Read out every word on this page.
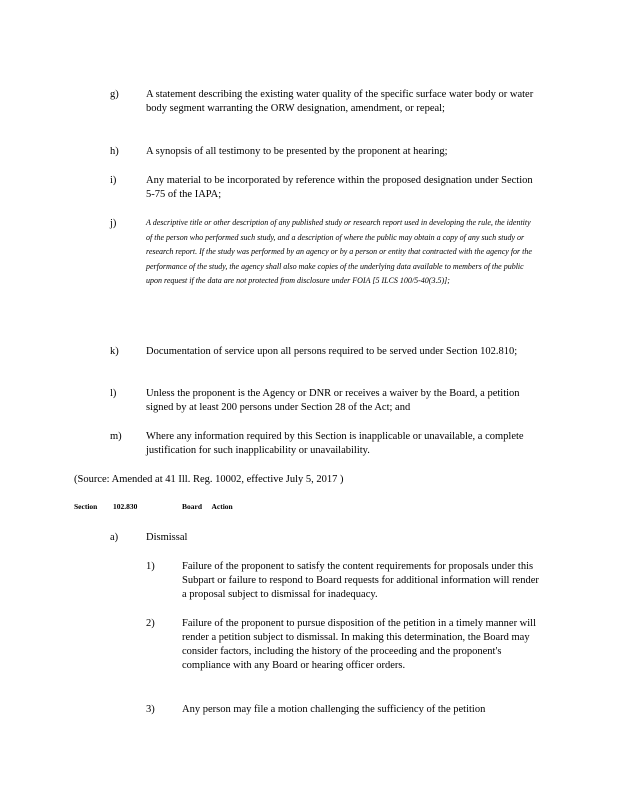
g)	A statement describing the existing water quality of the specific surface water body or water body segment warranting the ORW designation, amendment, or repeal;
h)	A synopsis of all testimony to be presented by the proponent at hearing;
i)	Any material to be incorporated by reference within the proposed designation under Section 5-75 of the IAPA;
j)	A descriptive title or other description of any published study or research report used in developing the rule, the identity of the person who performed such study, and a description of where the public may obtain a copy of any such study or research report. If the study was performed by an agency or by a person or entity that contracted with the agency for the performance of the study, the agency shall also make copies of the underlying data available to members of the public upon request if the data are not protected from disclosure under FOIA [5 ILCS 100/5-40(3.5)];
k)	Documentation of service upon all persons required to be served under Section 102.810;
l)	Unless the proponent is the Agency or DNR or receives a waiver by the Board, a petition signed by at least 200 persons under Section 28 of the Act; and
m) Where any information required by this Section is inapplicable or unavailable, a complete justification for such inapplicability or unavailability.
(Source: Amended at 41 Ill. Reg. 10002, effective July 5, 2017 )
Section 102.830	Board Action
a)	Dismissal
1)	Failure of the proponent to satisfy the content requirements for proposals under this Subpart or failure to respond to Board requests for additional information will render a proposal subject to dismissal for inadequacy.
2)	Failure of the proponent to pursue disposition of the petition in a timely manner will render a petition subject to dismissal. In making this determination, the Board may consider factors, including the history of the proceeding and the proponent's compliance with any Board or hearing officer orders.
3)	Any person may file a motion challenging the sufficiency of the petition
